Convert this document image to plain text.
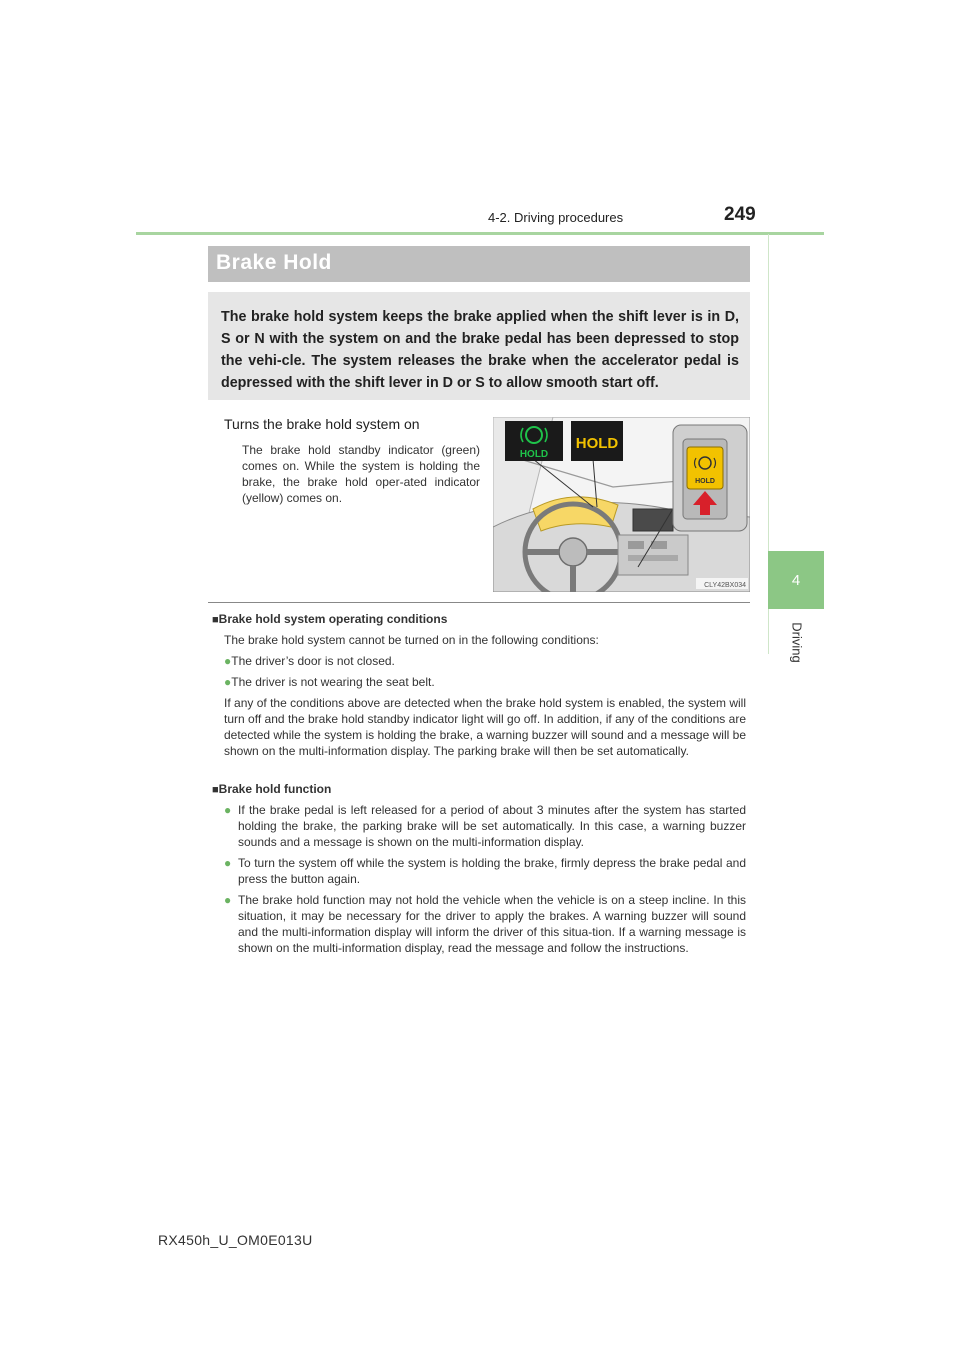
4-2. Driving procedures	249
4
Driving
Brake Hold

The brake hold system keeps the brake applied when the shift lever is in D, S or N with the system on and the brake pedal has been depressed to stop the vehi-cle. The system releases the brake when the accelerator pedal is depressed with the shift lever in D or S to allow smooth start off.

Turns the brake hold system on
The brake hold standby indicator (green) comes on. While the system is holding the brake, the brake hold oper-ated indicator (yellow) comes on.
HOLD
HOLD
HOLD
CLY42BX034
■Brake hold system operating conditions
The brake hold system cannot be turned on in the following conditions:
●The driver’s door is not closed.
●The driver is not wearing the seat belt.
If any of the conditions above are detected when the brake hold system is enabled, the system will turn off and the brake hold standby indicator light will go off. In addition, if any of the conditions are detected while the system is holding the brake, a warning buzzer will sound and a message will be shown on the multi-information display. The parking brake will then be set automatically.
■Brake hold function
● If the brake pedal is left released for a period of about 3 minutes after the system has started holding the brake, the parking brake will be set automatically. In this case, a warning buzzer sounds and a message is shown on the multi-information display.
● To turn the system off while the system is holding the brake, firmly depress the brake pedal and press the button again.
● The brake hold function may not hold the vehicle when the vehicle is on a steep incline. In this situation, it may be necessary for the driver to apply the brakes. A warning buzzer will sound and the multi-information display will inform the driver of this situa-tion. If a warning message is shown on the multi-information display, read the message and follow the instructions.
RX450h_U_OM0E013U
